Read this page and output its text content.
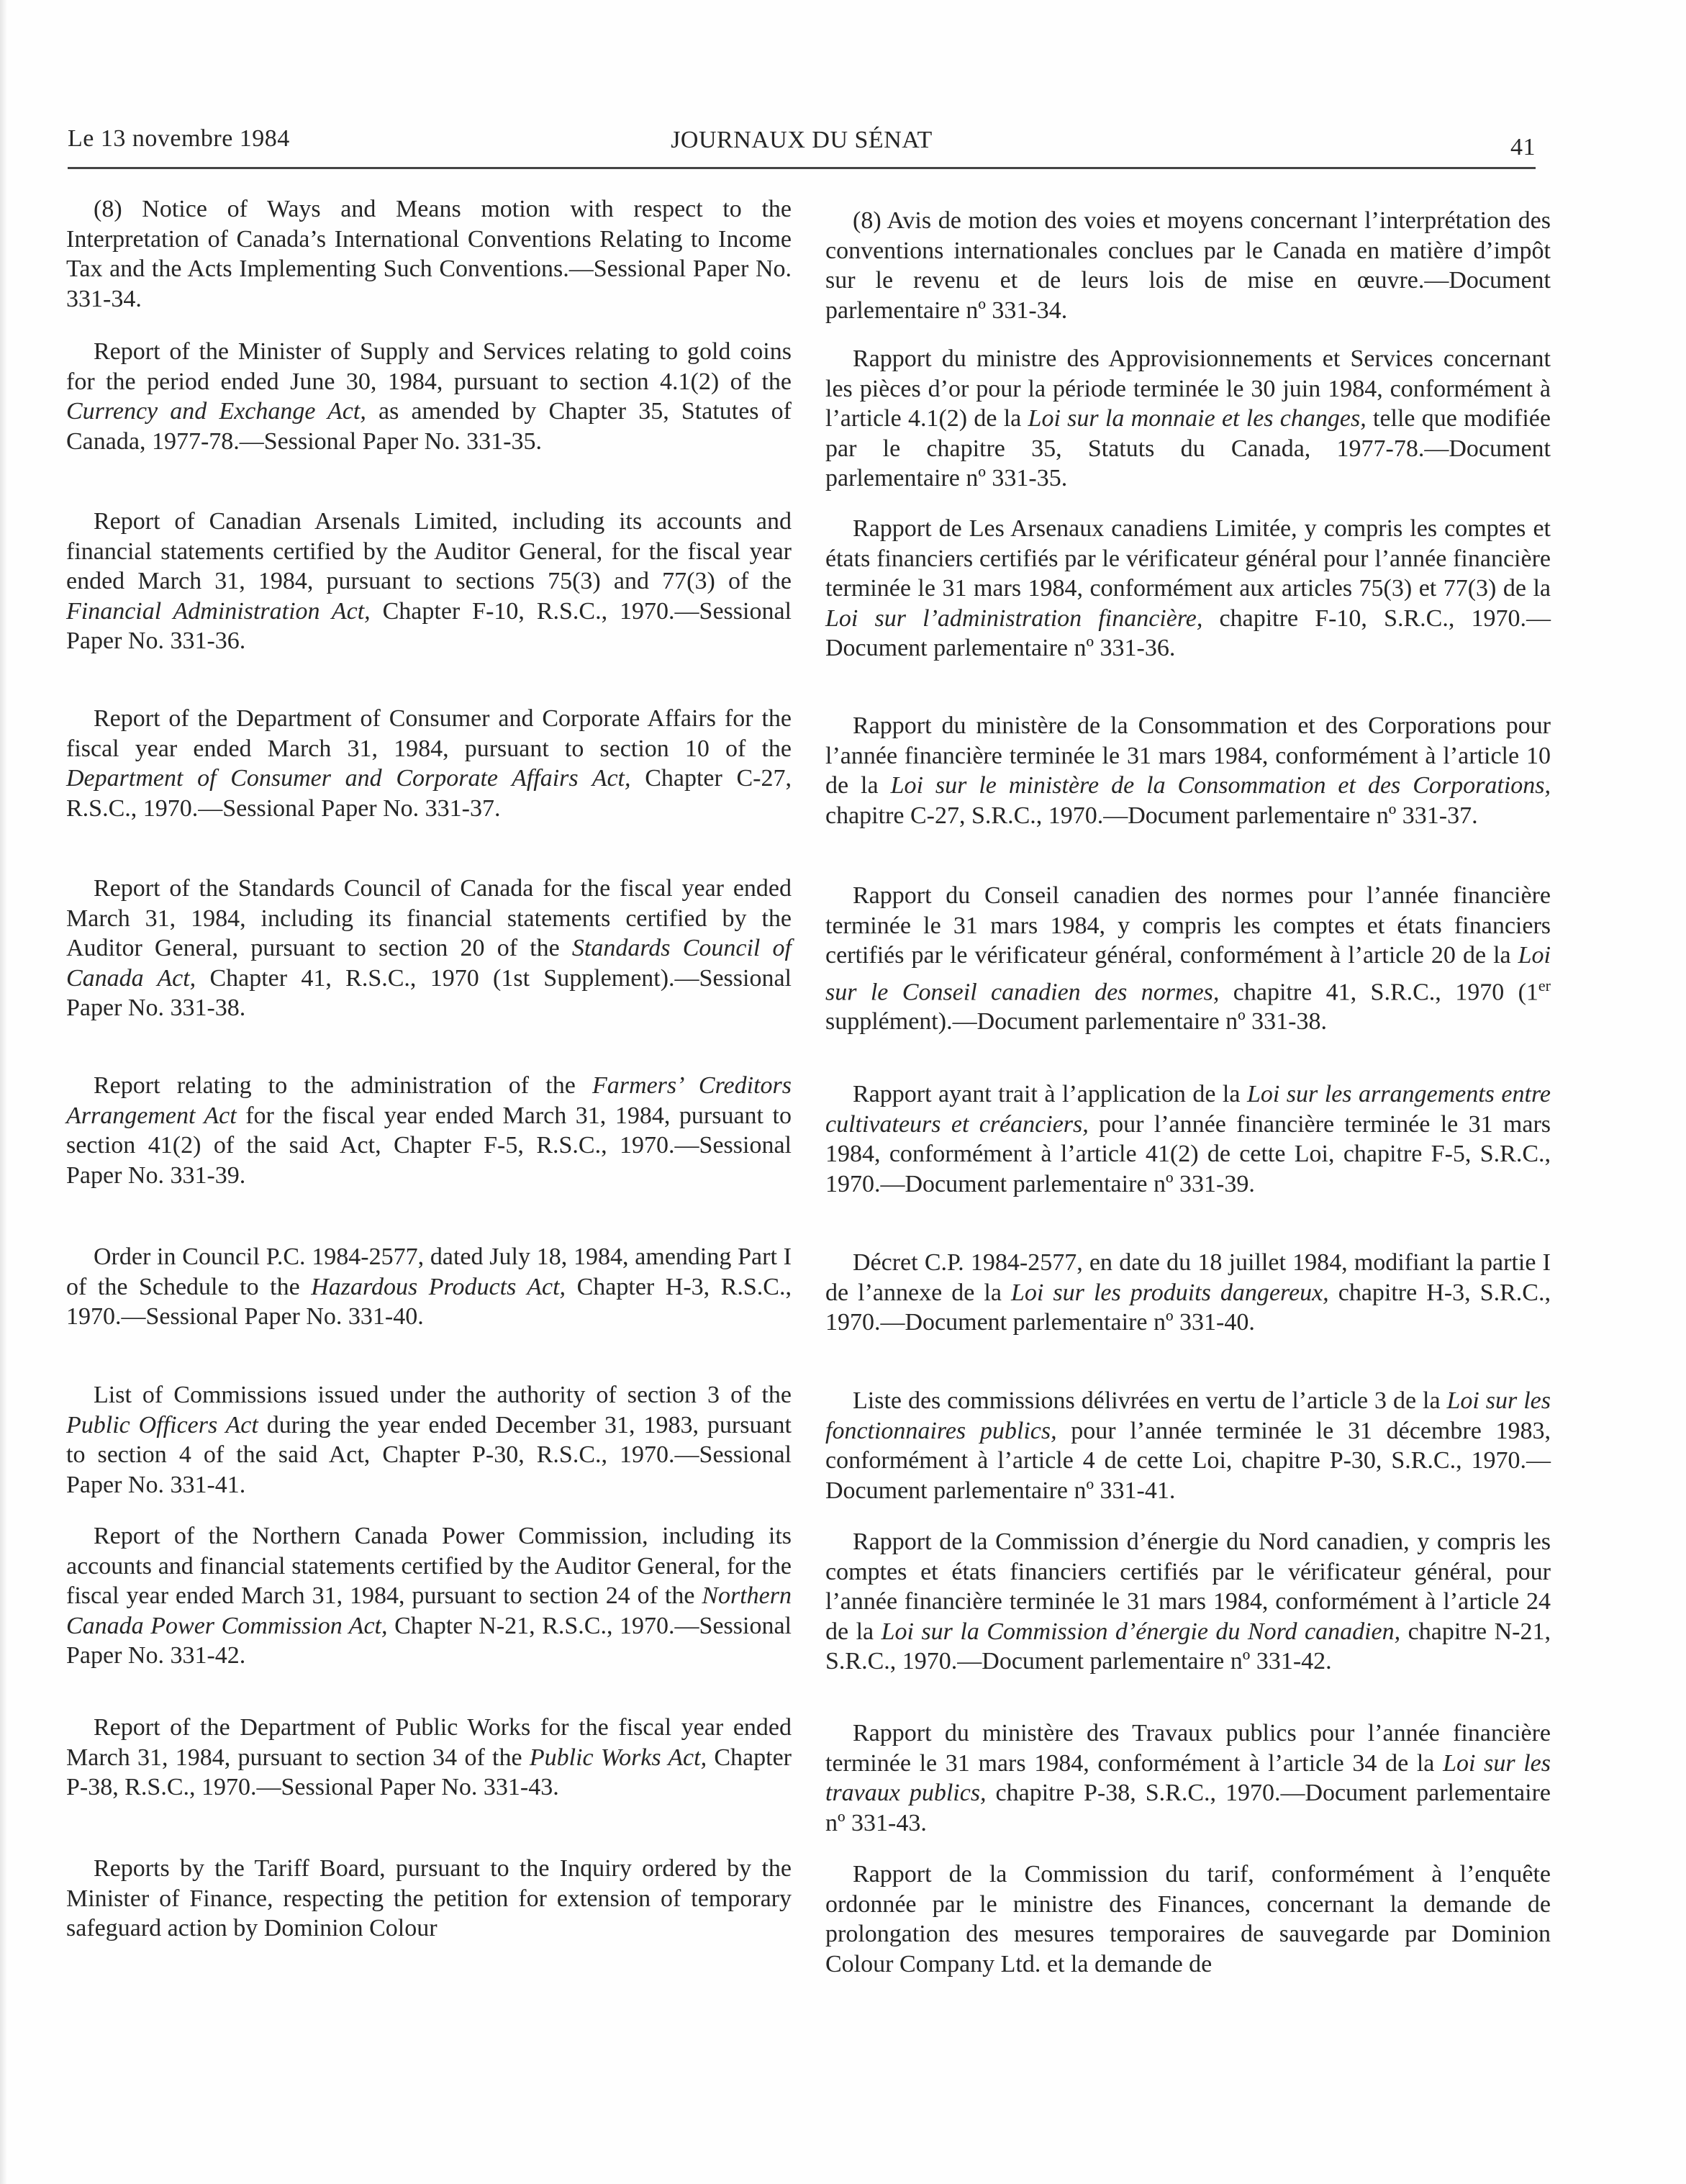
Le 13 novembre 1984	JOURNAUX DU SÉNAT	41

(8) Notice of Ways and Means motion with respect to the Interpretation of Canada’s International Conventions Relating to Income Tax and the Acts Implementing Such Conventions.—Sessional Paper No. 331-34.

Report of the Minister of Supply and Services relating to gold coins for the period ended June 30, 1984, pursuant to section 4.1(2) of the Currency and Exchange Act, as amended by Chapter 35, Statutes of Canada, 1977-78.—Sessional Paper No. 331-35.

Report of Canadian Arsenals Limited, including its accounts and financial statements certified by the Auditor General, for the fiscal year ended March 31, 1984, pursuant to sections 75(3) and 77(3) of the Financial Administration Act, Chapter F-10, R.S.C., 1970.—Sessional Paper No. 331-36.

Report of the Department of Consumer and Corporate Affairs for the fiscal year ended March 31, 1984, pursuant to section 10 of the Department of Consumer and Corporate Affairs Act, Chapter C-27, R.S.C., 1970.—Sessional Paper No. 331-37.

Report of the Standards Council of Canada for the fiscal year ended March 31, 1984, including its financial statements certified by the Auditor General, pursuant to section 20 of the Standards Council of Canada Act, Chapter 41, R.S.C., 1970 (1st Supplement).—Sessional Paper No. 331-38.

Report relating to the administration of the Farmers’ Creditors Arrangement Act for the fiscal year ended March 31, 1984, pursuant to section 41(2) of the said Act, Chapter F-5, R.S.C., 1970.—Sessional Paper No. 331-39.

Order in Council P.C. 1984-2577, dated July 18, 1984, amending Part I of the Schedule to the Hazardous Products Act, Chapter H-3, R.S.C., 1970.—Sessional Paper No. 331-40.

List of Commissions issued under the authority of section 3 of the Public Officers Act during the year ended December 31, 1983, pursuant to section 4 of the said Act, Chapter P-30, R.S.C., 1970.—Sessional Paper No. 331-41.

Report of the Northern Canada Power Commission, including its accounts and financial statements certified by the Auditor General, for the fiscal year ended March 31, 1984, pursuant to section 24 of the Northern Canada Power Commission Act, Chapter N-21, R.S.C., 1970.—Sessional Paper No. 331-42.

Report of the Department of Public Works for the fiscal year ended March 31, 1984, pursuant to section 34 of the Public Works Act, Chapter P-38, R.S.C., 1970.—Sessional Paper No. 331-43.

Reports by the Tariff Board, pursuant to the Inquiry ordered by the Minister of Finance, respecting the petition for extension of temporary safeguard action by Dominion Colour

(8) Avis de motion des voies et moyens concernant l’interprétation des conventions internationales conclues par le Canada en matière d’impôt sur le revenu et de leurs lois de mise en œuvre.—Document parlementaire nº 331-34.

Rapport du ministre des Approvisionnements et Services concernant les pièces d’or pour la période terminée le 30 juin 1984, conformément à l’article 4.1(2) de la Loi sur la monnaie et les changes, telle que modifiée par le chapitre 35, Statuts du Canada, 1977-78.—Document parlementaire nº 331-35.

Rapport de Les Arsenaux canadiens Limitée, y compris les comptes et états financiers certifiés par le vérificateur général pour l’année financière terminée le 31 mars 1984, conformément aux articles 75(3) et 77(3) de la Loi sur l’administration financière, chapitre F-10, S.R.C., 1970.—Document parlementaire nº 331-36.

Rapport du ministère de la Consommation et des Corporations pour l’année financière terminée le 31 mars 1984, conformément à l’article 10 de la Loi sur le ministère de la Consommation et des Corporations, chapitre C-27, S.R.C., 1970.—Document parlementaire nº 331-37.

Rapport du Conseil canadien des normes pour l’année financière terminée le 31 mars 1984, y compris les comptes et états financiers certifiés par le vérificateur général, conformément à l’article 20 de la Loi sur le Conseil canadien des normes, chapitre 41, S.R.C., 1970 (1er supplément).—Document parlementaire nº 331-38.

Rapport ayant trait à l’application de la Loi sur les arrangements entre cultivateurs et créanciers, pour l’année financière terminée le 31 mars 1984, conformément à l’article 41(2) de cette Loi, chapitre F-5, S.R.C., 1970.—Document parlementaire nº 331-39.

Décret C.P. 1984-2577, en date du 18 juillet 1984, modifiant la partie I de l’annexe de la Loi sur les produits dangereux, chapitre H-3, S.R.C., 1970.—Document parlementaire nº 331-40.

Liste des commissions délivrées en vertu de l’article 3 de la Loi sur les fonctionnaires publics, pour l’année terminée le 31 décembre 1983, conformément à l’article 4 de cette Loi, chapitre P-30, S.R.C., 1970.—Document parlementaire nº 331-41.

Rapport de la Commission d’énergie du Nord canadien, y compris les comptes et états financiers certifiés par le vérificateur général, pour l’année financière terminée le 31 mars 1984, conformément à l’article 24 de la Loi sur la Commission d’énergie du Nord canadien, chapitre N-21, S.R.C., 1970.—Document parlementaire nº 331-42.

Rapport du ministère des Travaux publics pour l’année financière terminée le 31 mars 1984, conformément à l’article 34 de la Loi sur les travaux publics, chapitre P-38, S.R.C., 1970.—Document parlementaire nº 331-43.

Rapport de la Commission du tarif, conformément à l’enquête ordonnée par le ministre des Finances, concernant la demande de prolongation des mesures temporaires de sauvegarde par Dominion Colour Company Ltd. et la demande de
